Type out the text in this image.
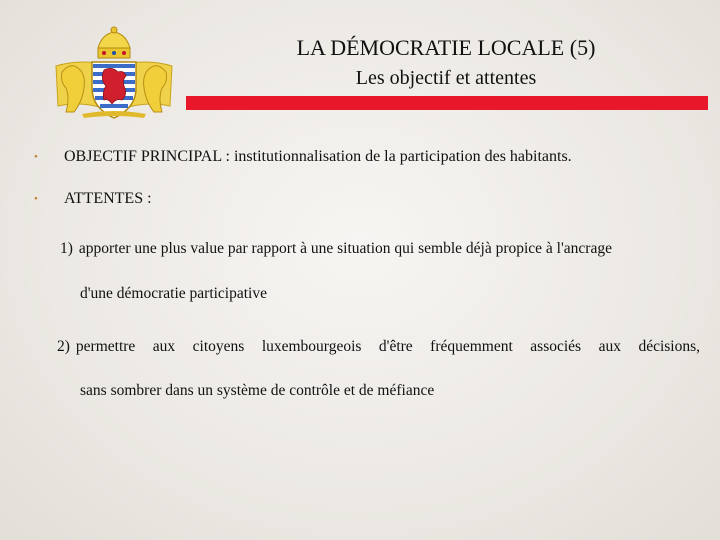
LA DÉMOCRATIE LOCALE (5)

Les objectif et attentes

• OBJECTIF PRINCIPAL : institutionnalisation de la participation des habitants.
• ATTENTES :
1) apporter une plus value par rapport à une situation qui semble déjà propice à l'ancrage
d'une démocratie participative
2) permettre aux citoyens luxembourgeois d'être fréquemment associés aux décisions,
sans sombrer dans un système de contrôle et de méfiance
